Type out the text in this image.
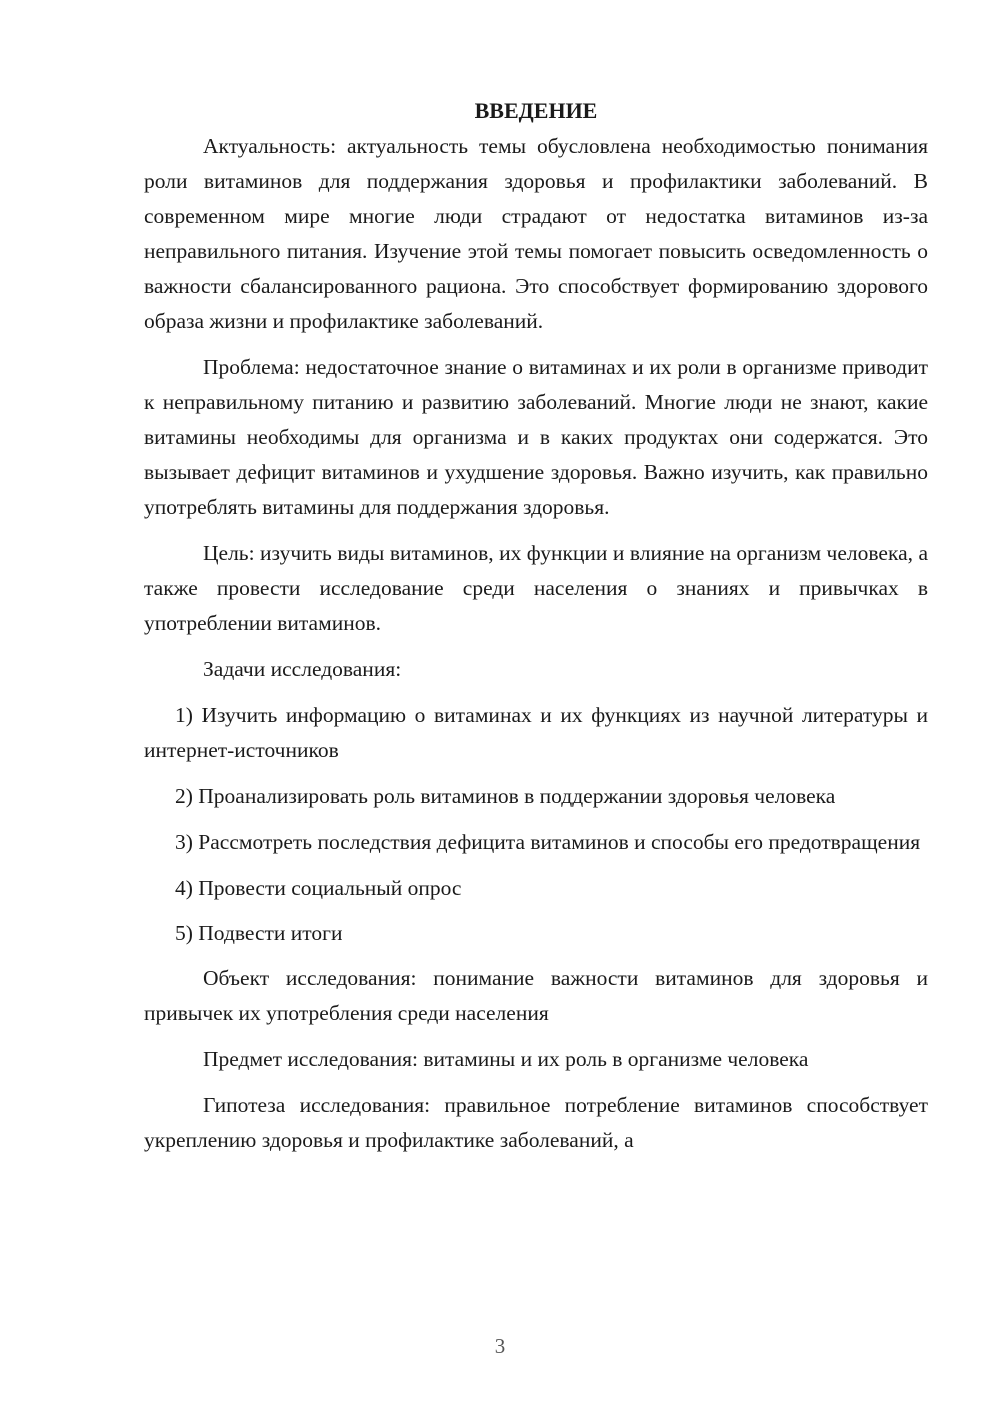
ВВЕДЕНИЕ

Актуальность: актуальность темы обусловлена необходимостью понимания роли витаминов для поддержания здоровья и профилактики заболеваний. В современном мире многие люди страдают от недостатка витаминов из-за неправильного питания. Изучение этой темы помогает повысить осведомленность о важности сбалансированного рациона. Это способствует формированию здорового образа жизни и профилактике заболеваний.

Проблема: недостаточное знание о витаминах и их роли в организме приводит к неправильному питанию и развитию заболеваний. Многие люди не знают, какие витамины необходимы для организма и в каких продуктах они содержатся. Это вызывает дефицит витаминов и ухудшение здоровья. Важно изучить, как правильно употреблять витамины для поддержания здоровья.

Цель: изучить виды витаминов, их функции и влияние на организм человека, а также провести исследование среди населения о знаниях и привычках в употреблении витаминов.

Задачи исследования:

1) Изучить информацию о витаминах и их функциях из научной литературы и интернет-источников

2) Проанализировать роль витаминов в поддержании здоровья человека

3) Рассмотреть последствия дефицита витаминов и способы его предотвращения

4) Провести социальный опрос

5) Подвести итоги

Объект исследования: понимание важности витаминов для здоровья и привычек их употребления среди населения

Предмет исследования: витамины и их роль в организме человека

Гипотеза исследования: правильное потребление витаминов способствует укреплению здоровья и профилактике заболеваний, а

3
